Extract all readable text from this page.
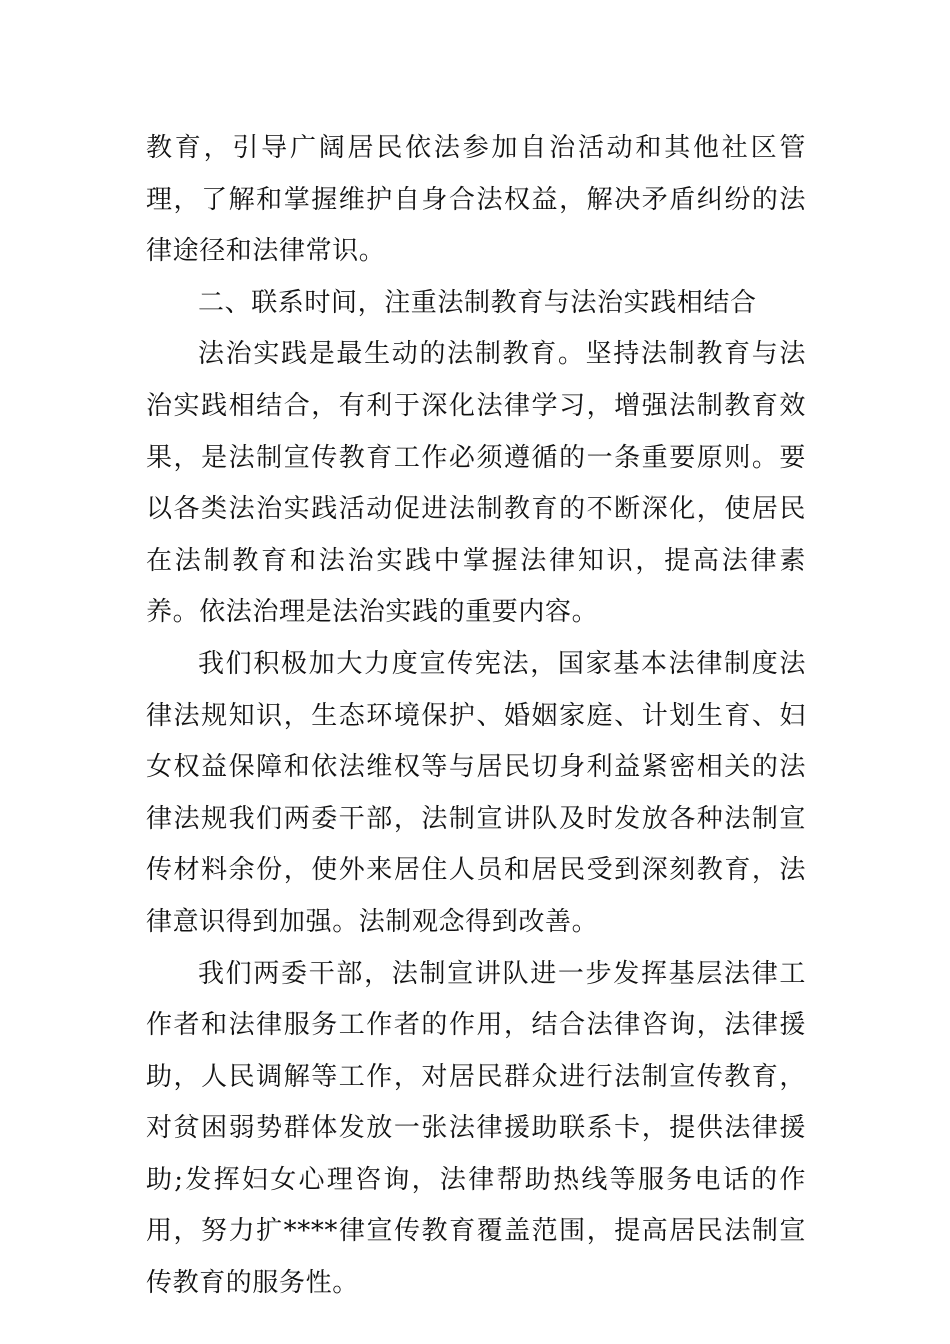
教育，引导广阔居民依法参加自治活动和其他社区管理，了解和掌握维护自身合法权益，解决矛盾纠纷的法律途径和法律常识。

二、联系时间，注重法制教育与法治实践相结合

法治实践是最生动的法制教育。坚持法制教育与法治实践相结合，有利于深化法律学习，增强法制教育效果，是法制宣传教育工作必须遵循的一条重要原则。要以各类法治实践活动促进法制教育的不断深化，使居民在法制教育和法治实践中掌握法律知识，提高法律素养。依法治理是法治实践的重要内容。

我们积极加大力度宣传宪法，国家基本法律制度法律法规知识，生态环境保护、婚姻家庭、计划生育、妇女权益保障和依法维权等与居民切身利益紧密相关的法律法规我们两委干部，法制宣讲队及时发放各种法制宣传材料余份，使外来居住人员和居民受到深刻教育，法律意识得到加强。法制观念得到改善。

我们两委干部，法制宣讲队进一步发挥基层法律工作者和法律服务工作者的作用，结合法律咨询，法律援助，人民调解等工作，对居民群众进行法制宣传教育，对贫困弱势群体发放一张法律援助联系卡，提供法律援助;发挥妇女心理咨询，法律帮助热线等服务电话的作用，努力扩****律宣传教育覆盖范围，提高居民法制宣传教育的服务性。
